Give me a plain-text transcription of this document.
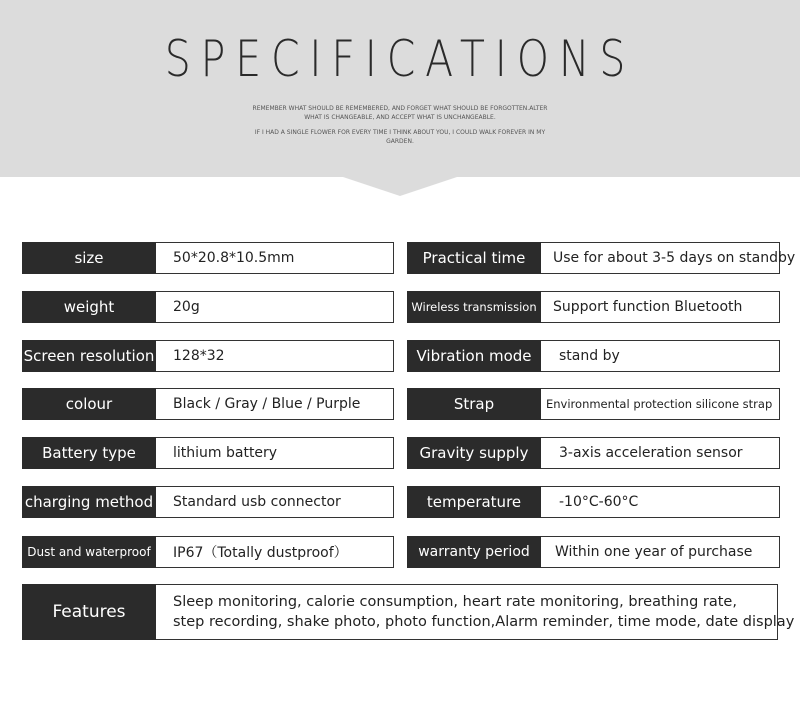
SPECIFICATIONS
REMEMBER WHAT SHOULD BE REMEMBERED, AND FORGET WHAT SHOULD BE FORGOTTEN.ALTER
WHAT IS CHANGEABLE, AND ACCEPT WHAT IS UNCHANGEABLE.
IF I HAD A SINGLE FLOWER FOR EVERY TIME I THINK ABOUT YOU, I COULD WALK FOREVER IN MY
GARDEN.
size	50*20.8*10.5mm
weight	20g
Screen resolution	128*32
colour	Black / Gray / Blue / Purple
Battery type	lithium battery
charging method	Standard usb connector
Dust and waterproof	IP67（Totally dustproof）
Practical time	Use for about 3-5 days on standby
Wireless transmission	Support function Bluetooth
Vibration mode	stand by
Strap	Environmental protection silicone strap
Gravity supply	3-axis acceleration sensor
temperature	-10°C-60°C
warranty period	Within one year of purchase
Features	Sleep monitoring, calorie consumption, heart rate monitoring, breathing rate,
step recording, shake photo, photo function,Alarm reminder, time mode, date display
